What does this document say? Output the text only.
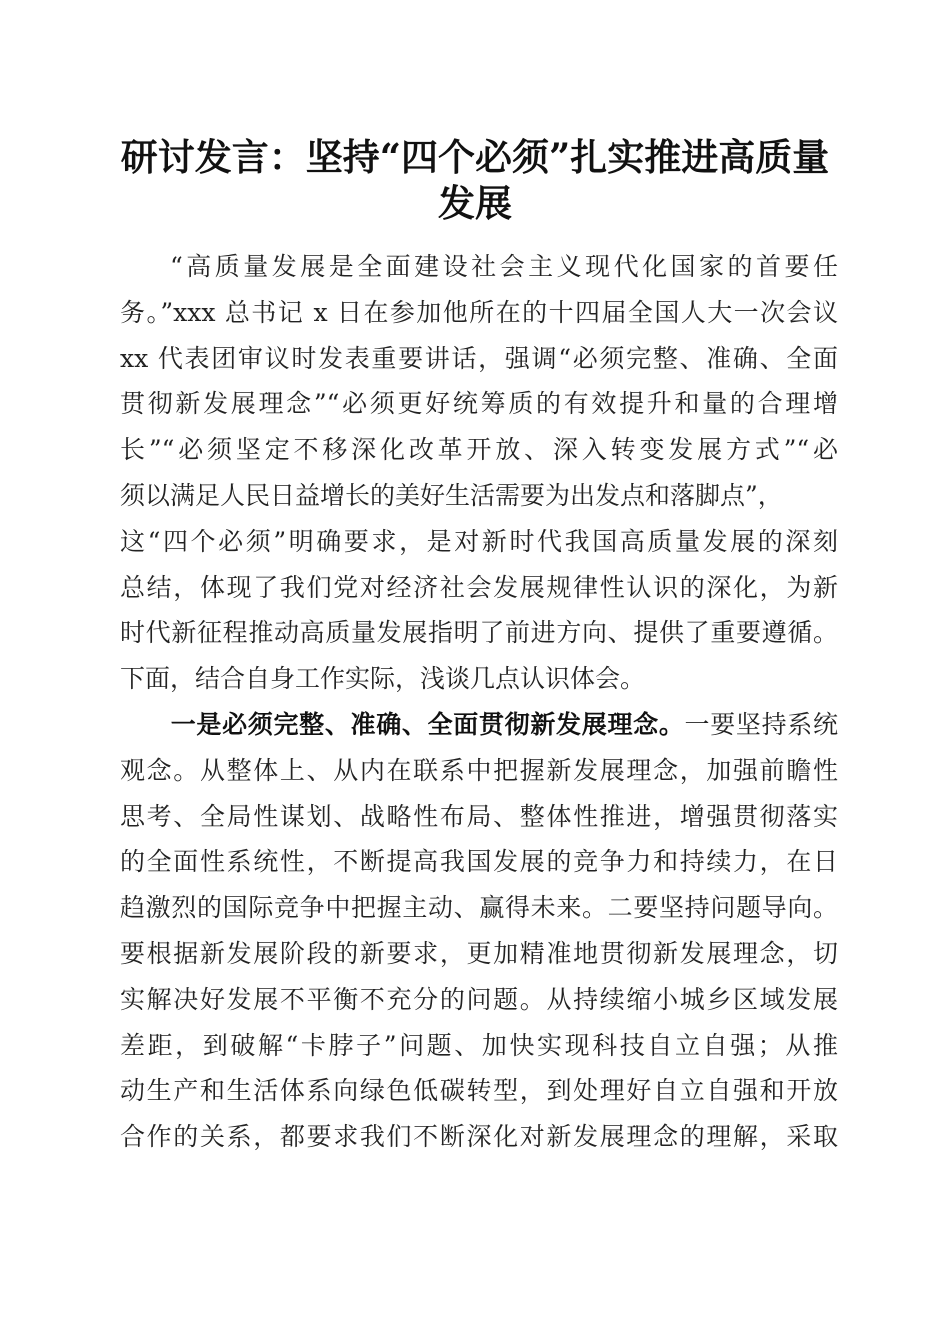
研讨发言：坚持“四个必须”扎实推进高质量
发展
“高质量发展是全面建设社会主义现代化国家的首要任
务。”xxx 总书记 x 日在参加他所在的十四届全国人大一次会议
xx 代表团审议时发表重要讲话，强调“必须完整、准确、全面
贯彻新发展理念”“必须更好统筹质的有效提升和量的合理增
长”“必须坚定不移深化改革开放、深入转变发展方式”“必
须以满足人民日益增长的美好生活需要为出发点和落脚点”，
这“四个必须”明确要求，是对新时代我国高质量发展的深刻
总结，体现了我们党对经济社会发展规律性认识的深化，为新
时代新征程推动高质量发展指明了前进方向、提供了重要遵循。
下面，结合自身工作实际，浅谈几点认识体会。
一是必须完整、准确、全面贯彻新发展理念。一要坚持系统
观念。从整体上、从内在联系中把握新发展理念，加强前瞻性
思考、全局性谋划、战略性布局、整体性推进，增强贯彻落实
的全面性系统性，不断提高我国发展的竞争力和持续力，在日
趋激烈的国际竞争中把握主动、赢得未来。二要坚持问题导向。
要根据新发展阶段的新要求，更加精准地贯彻新发展理念，切
实解决好发展不平衡不充分的问题。从持续缩小城乡区域发展
差距，到破解“卡脖子”问题、加快实现科技自立自强；从推
动生产和生活体系向绿色低碳转型，到处理好自立自强和开放
合作的关系，都要求我们不断深化对新发展理念的理解，采取
